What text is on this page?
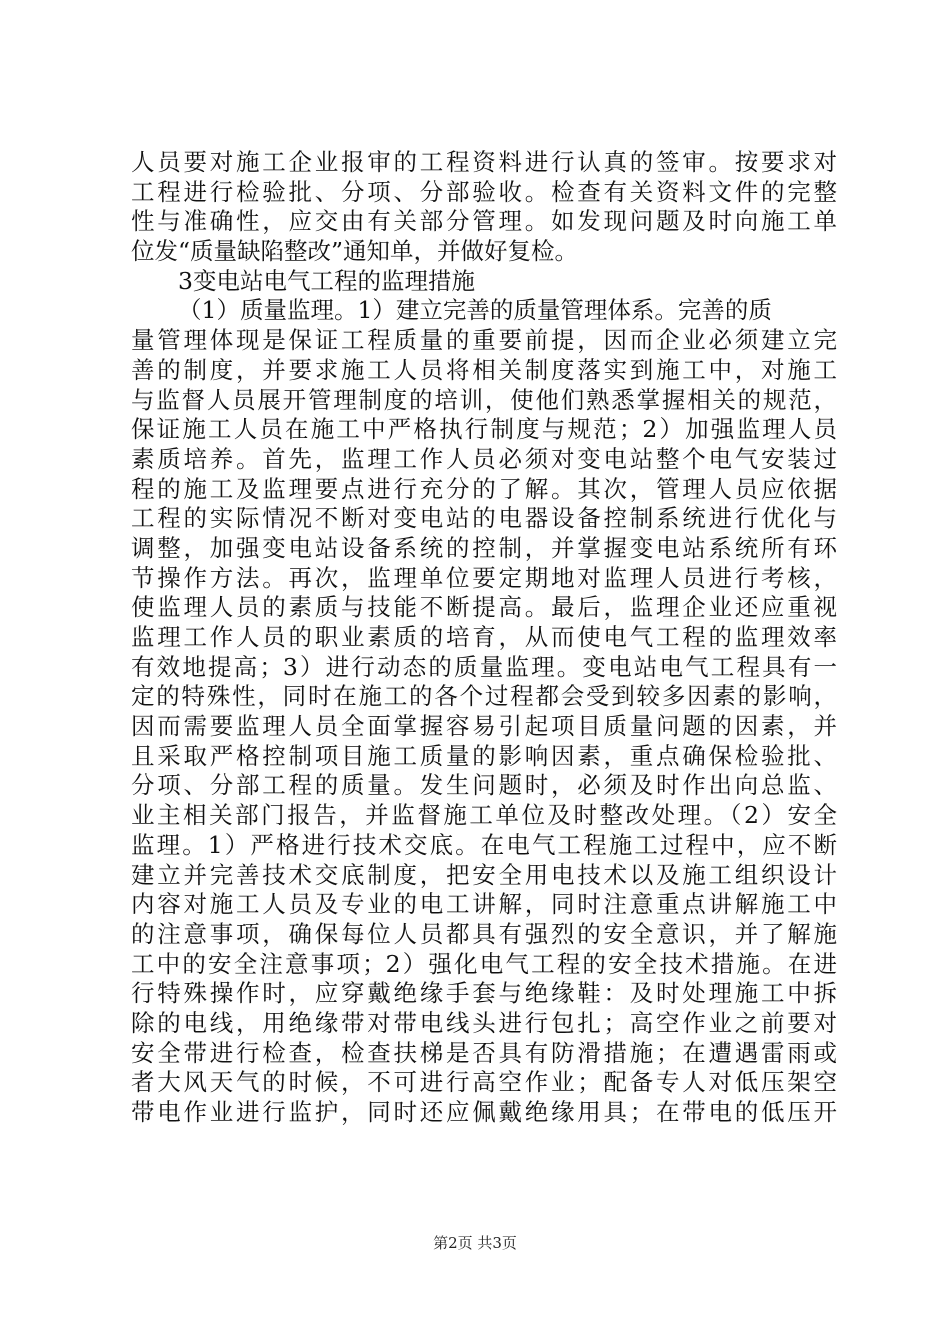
人员要对施工企业报审的工程资料进行认真的签审。按要求对
工程进行检验批、分项、分部验收。检查有关资料文件的完整
性与准确性，应交由有关部分管理。如发现问题及时向施工单
位发“质量缺陷整改”通知单，并做好复检。
3变电站电气工程的监理措施
（1）质量监理。1）建立完善的质量管理体系。完善的质
量管理体现是保证工程质量的重要前提，因而企业必须建立完
善的制度，并要求施工人员将相关制度落实到施工中，对施工
与监督人员展开管理制度的培训，使他们熟悉掌握相关的规范，
保证施工人员在施工中严格执行制度与规范；2）加强监理人员
素质培养。首先，监理工作人员必须对变电站整个电气安装过
程的施工及监理要点进行充分的了解。其次，管理人员应依据
工程的实际情况不断对变电站的电器设备控制系统进行优化与
调整，加强变电站设备系统的控制，并掌握变电站系统所有环
节操作方法。再次，监理单位要定期地对监理人员进行考核，
使监理人员的素质与技能不断提高。最后，监理企业还应重视
监理工作人员的职业素质的培育，从而使电气工程的监理效率
有效地提高；3）进行动态的质量监理。变电站电气工程具有一
定的特殊性，同时在施工的各个过程都会受到较多因素的影响，
因而需要监理人员全面掌握容易引起项目质量问题的因素，并
且采取严格控制项目施工质量的影响因素，重点确保检验批、
分项、分部工程的质量。发生问题时，必须及时作出向总监、
业主相关部门报告，并监督施工单位及时整改处理。（2）安全
监理。1）严格进行技术交底。在电气工程施工过程中，应不断
建立并完善技术交底制度，把安全用电技术以及施工组织设计
内容对施工人员及专业的电工讲解，同时注意重点讲解施工中
的注意事项，确保每位人员都具有强烈的安全意识，并了解施
工中的安全注意事项；2）强化电气工程的安全技术措施。在进
行特殊操作时，应穿戴绝缘手套与绝缘鞋：及时处理施工中拆
除的电线，用绝缘带对带电线头进行包扎；高空作业之前要对
安全带进行检查，检查扶梯是否具有防滑措施；在遭遇雷雨或
者大风天气的时候，不可进行高空作业；配备专人对低压架空
带电作业进行监护，同时还应佩戴绝缘用具；在带电的低压开
第2页 共3页
